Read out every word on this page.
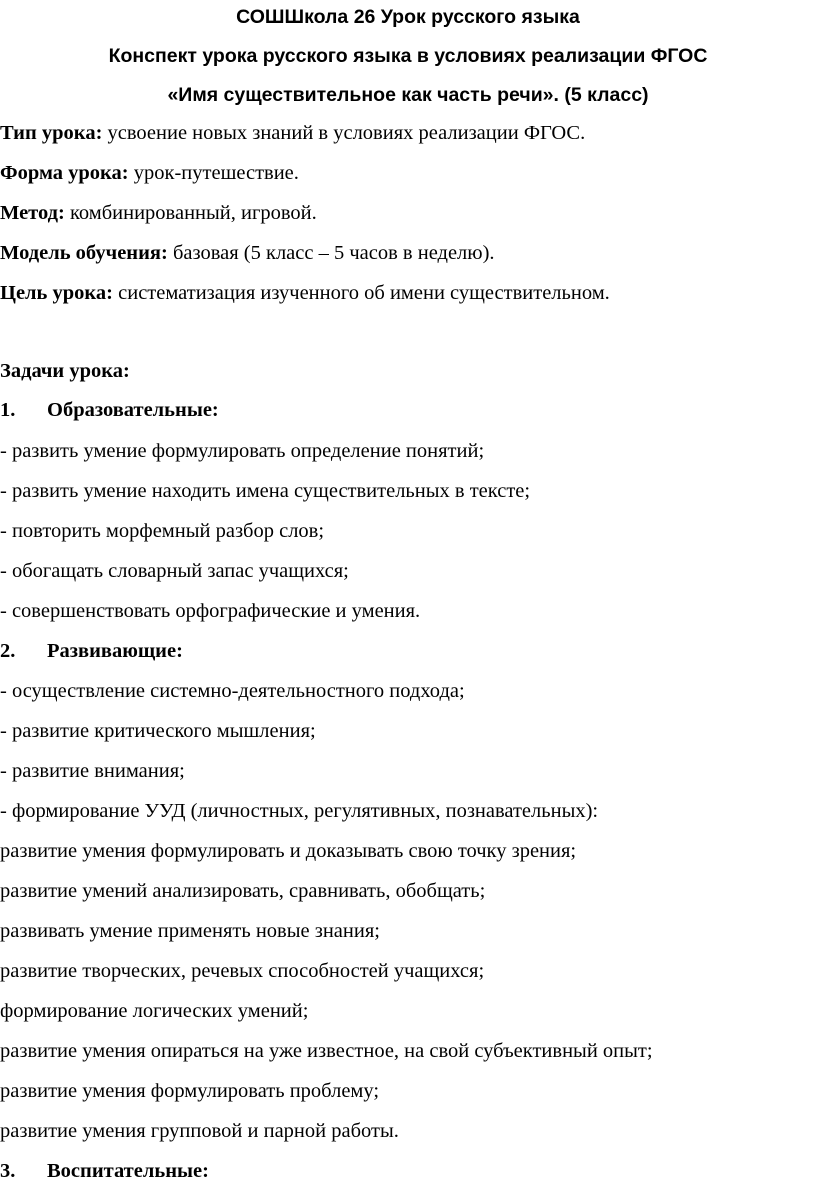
СОШШкола 26 Урок русского языка
Конспект урока русского языка в условиях реализации ФГОС
«Имя существительное как часть речи». (5 класс)
Тип урока: усвоение новых знаний в условиях реализации ФГОС.
Форма урока: урок-путешествие.
Метод: комбинированный, игровой.
Модель обучения: базовая (5 класс – 5 часов в неделю).
Цель урока: систематизация изученного об имени существительном.
Задачи урока:
1. Образовательные:
- развить умение формулировать определение понятий;
- развить умение находить имена существительных в тексте;
- повторить морфемный разбор слов;
- обогащать словарный запас учащихся;
- совершенствовать орфографические и умения.
2. Развивающие:
- осуществление системно-деятельностного подхода;
- развитие критического мышления;
- развитие внимания;
- формирование УУД (личностных, регулятивных, познавательных):
развитие умения формулировать и доказывать свою точку зрения;
развитие умений анализировать, сравнивать, обобщать;
развивать умение применять новые знания;
развитие творческих, речевых способностей учащихся;
формирование логических умений;
развитие умения опираться на уже известное, на свой субъективный опыт;
развитие умения формулировать проблему;
развитие умения групповой и парной работы.
3. Воспитательные:
